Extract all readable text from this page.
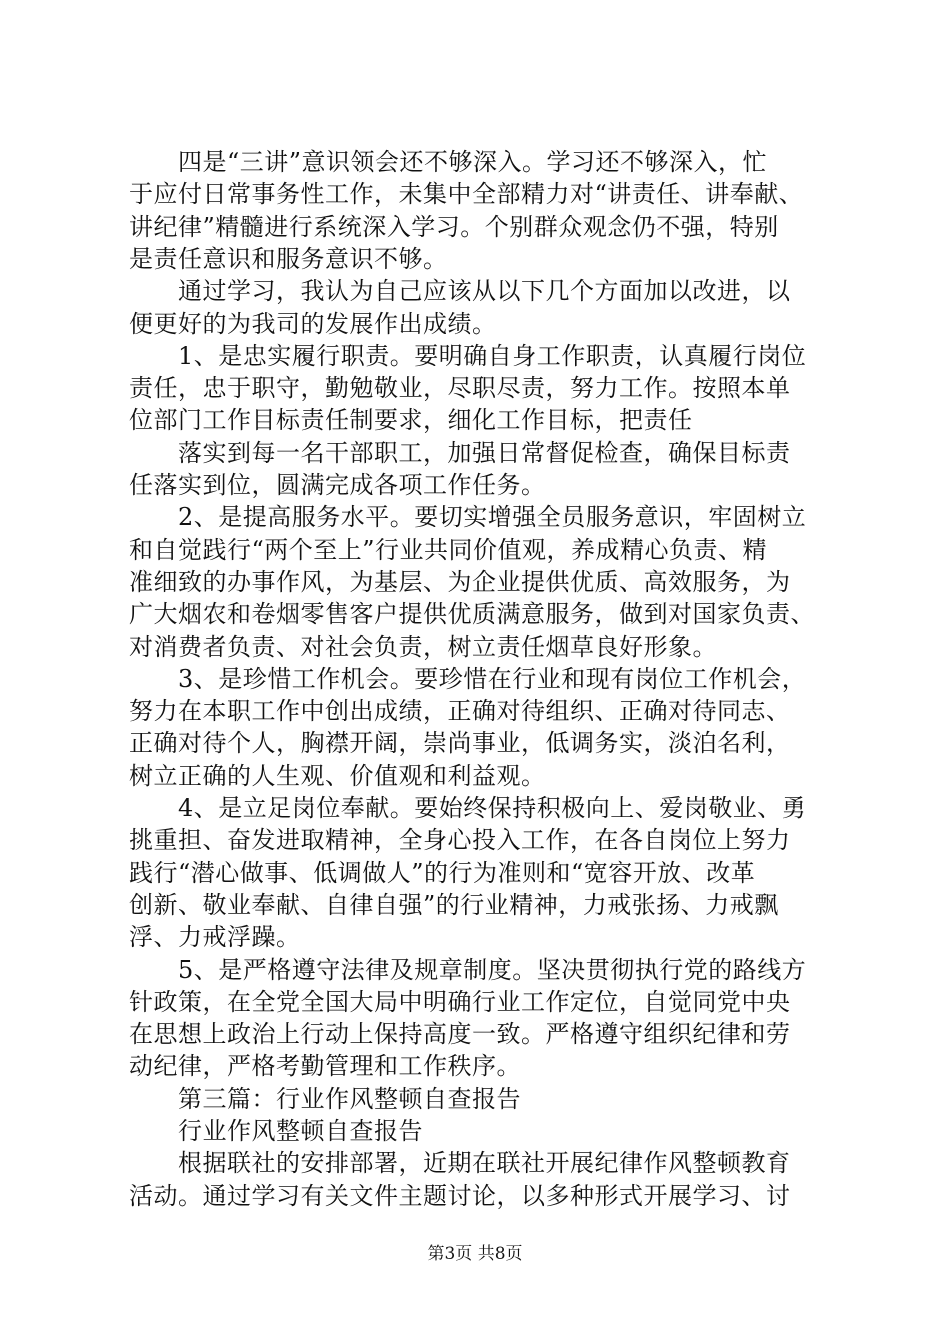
　　四是“三讲”意识领会还不够深入。学习还不够深入，忙
于应付日常事务性工作，未集中全部精力对“讲责任、讲奉献、
讲纪律”精髓进行系统深入学习。个别群众观念仍不强，特别
是责任意识和服务意识不够。
　　通过学习，我认为自己应该从以下几个方面加以改进，以
便更好的为我司的发展作出成绩。
　　1、是忠实履行职责。要明确自身工作职责，认真履行岗位
责任，忠于职守，勤勉敬业，尽职尽责，努力工作。按照本单
位部门工作目标责任制要求，细化工作目标，把责任
　　落实到每一名干部职工，加强日常督促检查，确保目标责
任落实到位，圆满完成各项工作任务。
　　2、是提高服务水平。要切实增强全员服务意识，牢固树立
和自觉践行“两个至上”行业共同价值观，养成精心负责、精
准细致的办事作风，为基层、为企业提供优质、高效服务，为
广大烟农和卷烟零售客户提供优质满意服务，做到对国家负责、
对消费者负责、对社会负责，树立责任烟草良好形象。
　　3、是珍惜工作机会。要珍惜在行业和现有岗位工作机会，
努力在本职工作中创出成绩，正确对待组织、正确对待同志、
正确对待个人，胸襟开阔，崇尚事业，低调务实，淡泊名利，
树立正确的人生观、价值观和利益观。
　　4、是立足岗位奉献。要始终保持积极向上、爱岗敬业、勇
挑重担、奋发进取精神，全身心投入工作，在各自岗位上努力
践行“潜心做事、低调做人”的行为准则和“宽容开放、改革
创新、敬业奉献、自律自强”的行业精神，力戒张扬、力戒飘
浮、力戒浮躁。
　　5、是严格遵守法律及规章制度。坚决贯彻执行党的路线方
针政策，在全党全国大局中明确行业工作定位，自觉同党中央
在思想上政治上行动上保持高度一致。严格遵守组织纪律和劳
动纪律，严格考勤管理和工作秩序。
　　第三篇：行业作风整顿自查报告
　　行业作风整顿自查报告
　　根据联社的安排部署，近期在联社开展纪律作风整顿教育
活动。通过学习有关文件主题讨论，以多种形式开展学习、讨
第3页 共8页
